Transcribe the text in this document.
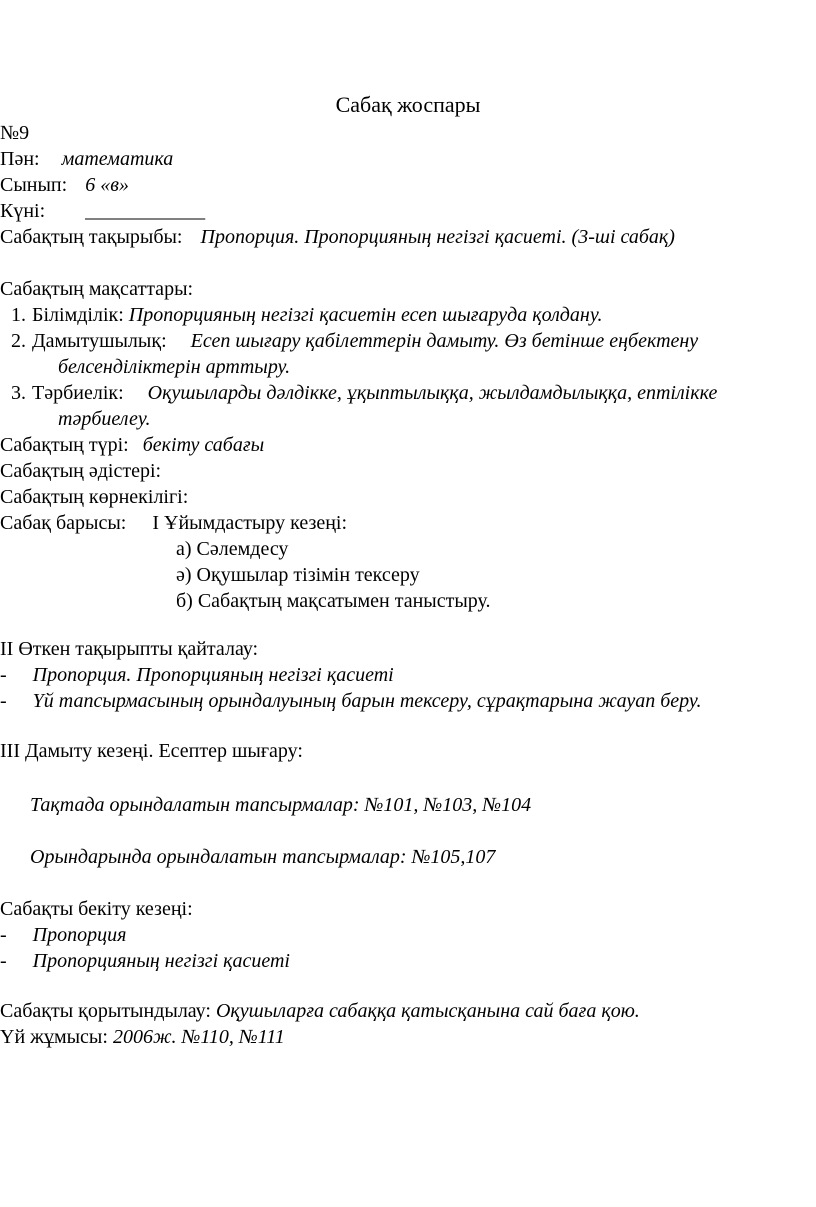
Сабақ жоспары
№9
Пән: математика
Сынып: 6 «в»
Күні: ____________
Сабақтың тақырыбы: Пропорция. Пропорцияның негізгі қасиеті. (3-ші сабақ)
Сабақтың мақсаттары:
1. Білімділік: Пропорцияның негізгі қасиетін есеп шығаруда қолдану.
2. Дамытушылық: Есеп шығару қабілеттерін дамыту. Өз бетінше еңбектену
белсенділіктерін арттыру.
3. Тәрбиелік: Оқушыларды дәлдікке, ұқыптылыққа, жылдамдылыққа, ептілікке
тәрбиелеу.
Сабақтың түрі: бекіту сабағы
Сабақтың әдістері:
Сабақтың көрнекілігі:
Сабақ барысы: I Ұйымдастыру кезеңі:
а) Сәлемдесу
ә) Оқушылар тізімін тексеру
б) Сабақтың мақсатымен таныстыру.
II Өткен тақырыпты қайталау:
- Пропорция. Пропорцияның негізгі қасиеті
- Үй тапсырмасының орындалуының барын тексеру, сұрақтарына жауап беру.
III Дамыту кезеңі. Есептер шығару:
Тақтада орындалатын тапсырмалар: №101, №103, №104
Орындарында орындалатын тапсырмалар: №105,107
Сабақты бекіту кезеңі:
- Пропорция
- Пропорцияның негізгі қасиеті
Сабақты қорытындылау: Оқушыларға сабаққа қатысқанына сай баға қою.
Үй жұмысы: 2006ж. №110, №111
